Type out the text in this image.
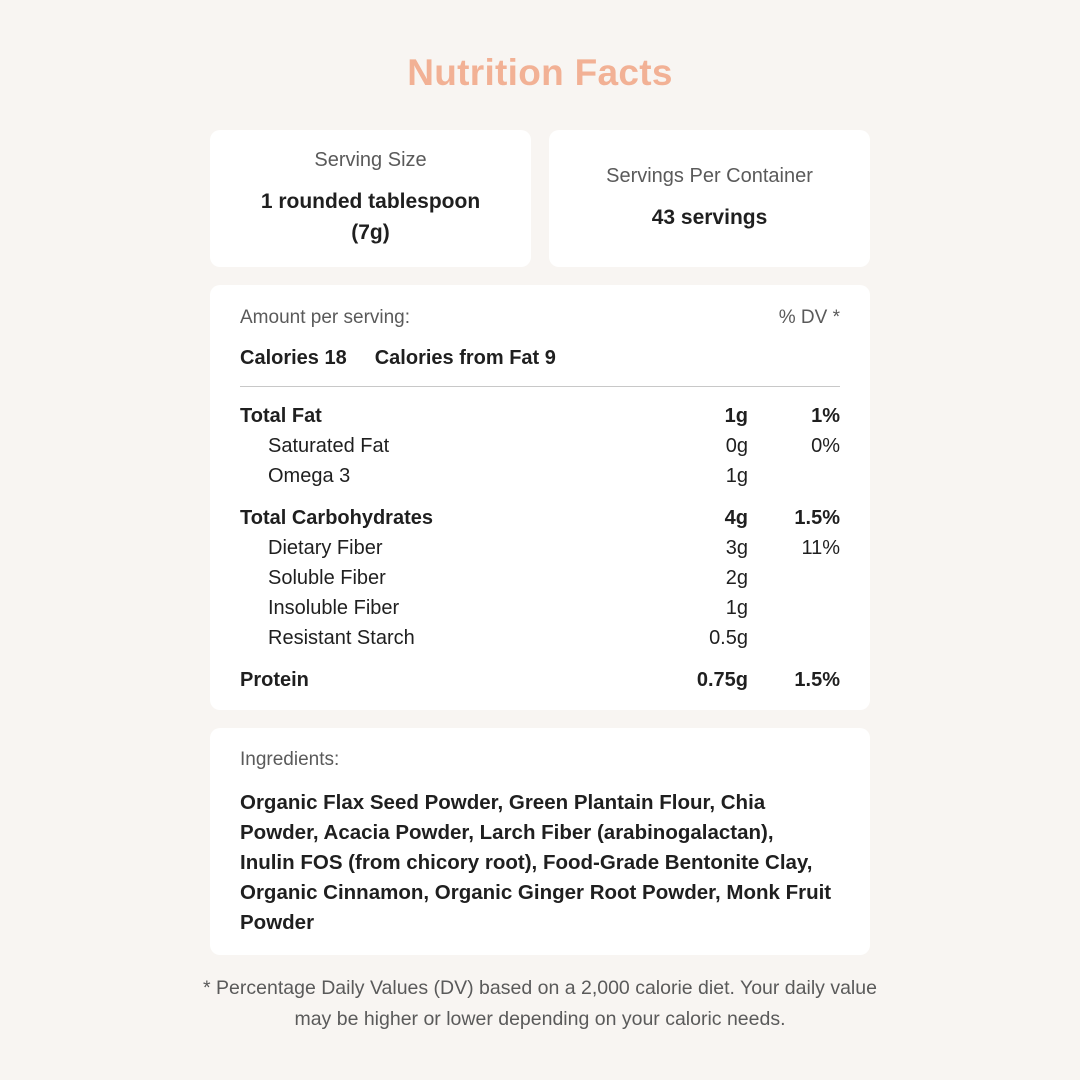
Nutrition Facts
Serving Size
1 rounded tablespoon (7g)
Servings Per Container
43 servings
Amount per serving:	% DV *
Calories 18 Calories from Fat 9
Total Fat	1g	1%
Saturated Fat	0g	0%
Omega 3	1g
Total Carbohydrates	4g 1.5%
Dietary Fiber	3g	11%
Soluble Fiber	2g
Insoluble Fiber	1g
Resistant Starch	0.5g
Protein	0.75g 1.5%
Ingredients:
Organic Flax Seed Powder, Green Plantain Flour, Chia Powder, Acacia Powder, Larch Fiber (arabinogalactan), Inulin FOS (from chicory root), Food-Grade Bentonite Clay, Organic Cinnamon, Organic Ginger Root Powder, Monk Fruit Powder
* Percentage Daily Values (DV) based on a 2,000 calorie diet. Your daily value may be higher or lower depending on your caloric needs.
